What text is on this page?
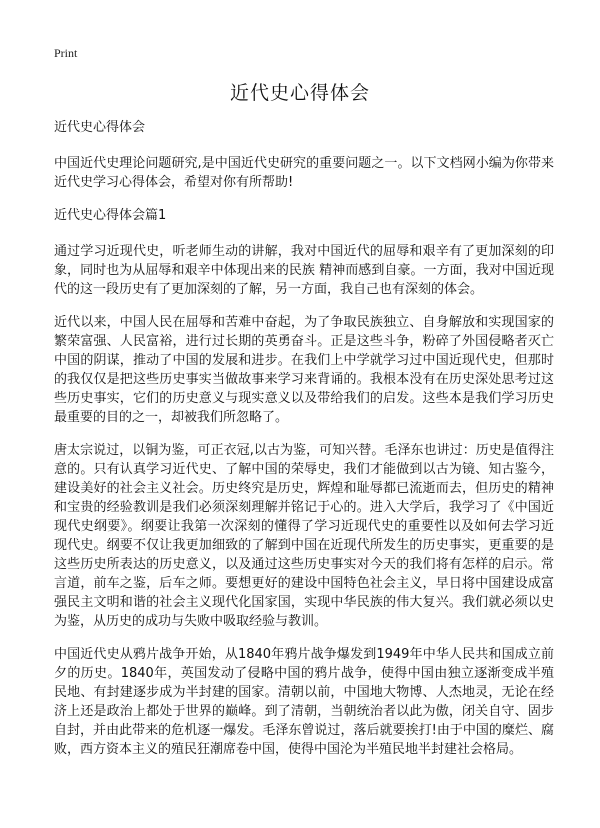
Print

近代史心得体会

近代史心得体会

中国近代史理论问题研究,是中国近代史研究的重要问题之一。以下文档网小编为你带来近代史学习心得体会，希望对你有所帮助!

近代史心得体会篇1

通过学习近现代史，听老师生动的讲解，我对中国近代的屈辱和艰辛有了更加深刻的印象，同时也为从屈辱和艰辛中体现出来的民族 精神而感到自豪。一方面，我对中国近现代的这一段历史有了更加深刻的了解，另一方面，我自己也有深刻的体会。

近代以来，中国人民在屈辱和苦难中奋起，为了争取民族独立、自身解放和实现国家的繁荣富强、人民富裕，进行过长期的英勇奋斗。正是这些斗争，粉碎了外国侵略者灭亡中国的阴谋，推动了中国的发展和进步。在我们上中学就学习过中国近现代史，但那时的我仅仅是把这些历史事实当做故事来学习来背诵的。我根本没有在历史深处思考过这些历史事实，它们的历史意义与现实意义以及带给我们的启发。这些本是我们学习历史最重要的目的之一，却被我们所忽略了。

唐太宗说过，以铜为鉴，可正衣冠,以古为鉴，可知兴替。毛泽东也讲过：历史是值得注意的。只有认真学习近代史、了解中国的荣辱史，我们才能做到以古为镜、知古鉴今，建设美好的社会主义社会。历史终究是历史，辉煌和耻辱都已流逝而去，但历史的精神和宝贵的经验教训是我们必须深刻理解并铭记于心的。进入大学后，我学习了《中国近现代史纲要》。纲要让我第一次深刻的懂得了学习近现代史的重要性以及如何去学习近现代史。纲要不仅让我更加细致的了解到中国在近现代所发生的历史事实，更重要的是这些历史所表达的历史意义，以及通过这些历史事实对今天的我们将有怎样的启示。常言道，前车之鉴，后车之师。要想更好的建设中国特色社会主义，早日将中国建设成富强民主文明和谐的社会主义现代化国家国，实现中华民族的伟大复兴。我们就必须以史为鉴，从历史的成功与失败中吸取经验与教训。

中国近代史从鸦片战争开始，从1840年鸦片战争爆发到1949年中华人民共和国成立前夕的历史。1840年，英国发动了侵略中国的鸦片战争，使得中国由独立逐渐变成半殖民地、有封建逐步成为半封建的国家。清朝以前，中国地大物博、人杰地灵，无论在经济上还是政治上都处于世界的巅峰。到了清朝，当朝统治者以此为傲，闭关自守、固步自封，并由此带来的危机逐一爆发。毛泽东曾说过，落后就要挨打!由于中国的糜烂、腐败，西方资本主义的殖民狂潮席卷中国，使得中国沦为半殖民地半封建社会格局。
